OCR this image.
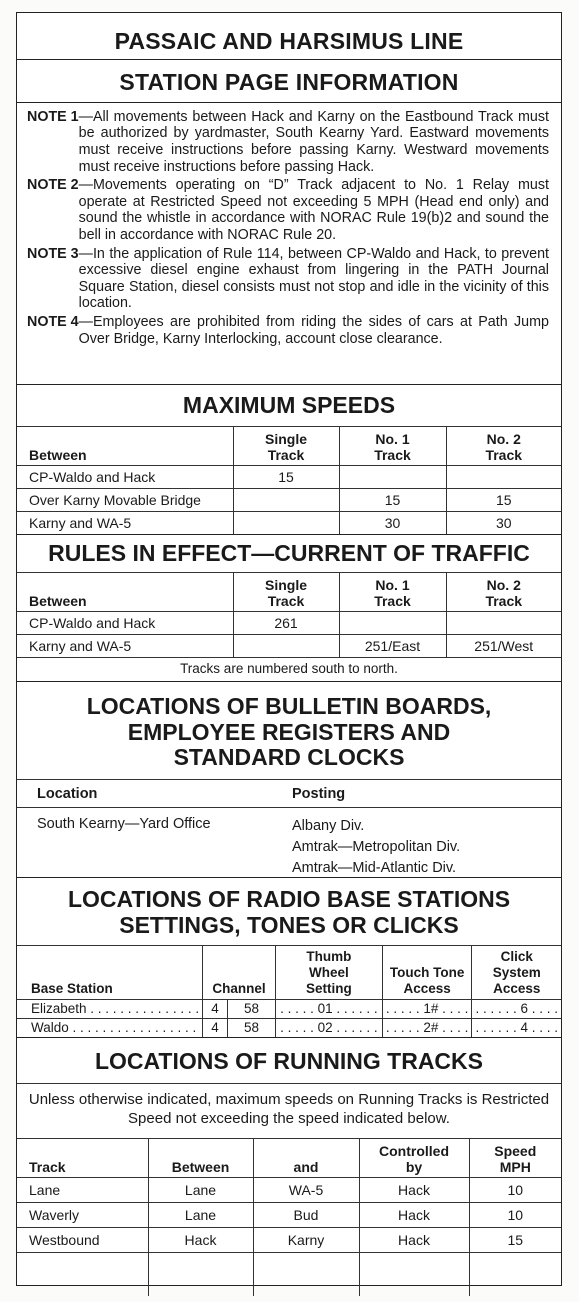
PASSAIC AND HARSIMUS LINE
STATION PAGE INFORMATION
NOTE 1 —All movements between Hack and Karny on the Eastbound Track must be authorized by yardmaster, South Kearny Yard. Eastward movements must receive instructions before passing Karny. Westward movements must receive instructions before passing Hack.
NOTE 2 —Movements operating on “D” Track adjacent to No. 1 Relay must operate at Restricted Speed not exceeding 5 MPH (Head end only) and sound the whistle in accordance with NORAC Rule 19(b)2 and sound the bell in accordance with NORAC Rule 20.
NOTE 3 —In the application of Rule 114, between CP-Waldo and Hack, to prevent excessive diesel engine exhaust from lingering in the PATH Journal Square Station, diesel consists must not stop and idle in the vicinity of this location.
NOTE 4 —Employees are prohibited from riding the sides of cars at Path Jump Over Bridge, Karny Interlocking, account close clearance.
MAXIMUM SPEEDS
Between	Single Track	No. 1 Track	No. 2 Track
CP-Waldo and Hack	15		
Over Karny Movable Bridge		15	15
Karny and WA-5		30	30
RULES IN EFFECT—CURRENT OF TRAFFIC
Between	Single Track	No. 1 Track	No. 2 Track
CP-Waldo and Hack	261		
Karny and WA-5		251/East	251/West
Tracks are numbered south to north.
LOCATIONS OF BULLETIN BOARDS,
EMPLOYEE REGISTERS AND
STANDARD CLOCKS
Location	Posting
South Kearny—Yard Office	Albany Div.
Amtrak—Metropolitan Div.
Amtrak—Mid-Atlantic Div.
LOCATIONS OF RADIO BASE STATIONS
SETTINGS, TONES OR CLICKS
Base Station	Channel		Thumb Wheel Setting	Touch Tone Access	Click System Access
Elizabeth . . . . . . . . . . . . . . .	4	58	. . . . . 01 . . . . . .	. . . . . 1# . . . .	. . . . . . 6 . . . .
Waldo . . . . . . . . . . . . . . . . .	4	58	. . . . . 02 . . . . . .	. . . . . 2# . . . .	. . . . . . 4 . . . .
LOCATIONS OF RUNNING TRACKS
Unless otherwise indicated, maximum speeds on Running Tracks is Restricted Speed not exceeding the speed indicated below.
Track	Between	and	Controlled by	Speed MPH
Lane	Lane	WA-5	Hack	10
Waverly	Lane	Bud	Hack	10
Westbound	Hack	Karny	Hack	15
